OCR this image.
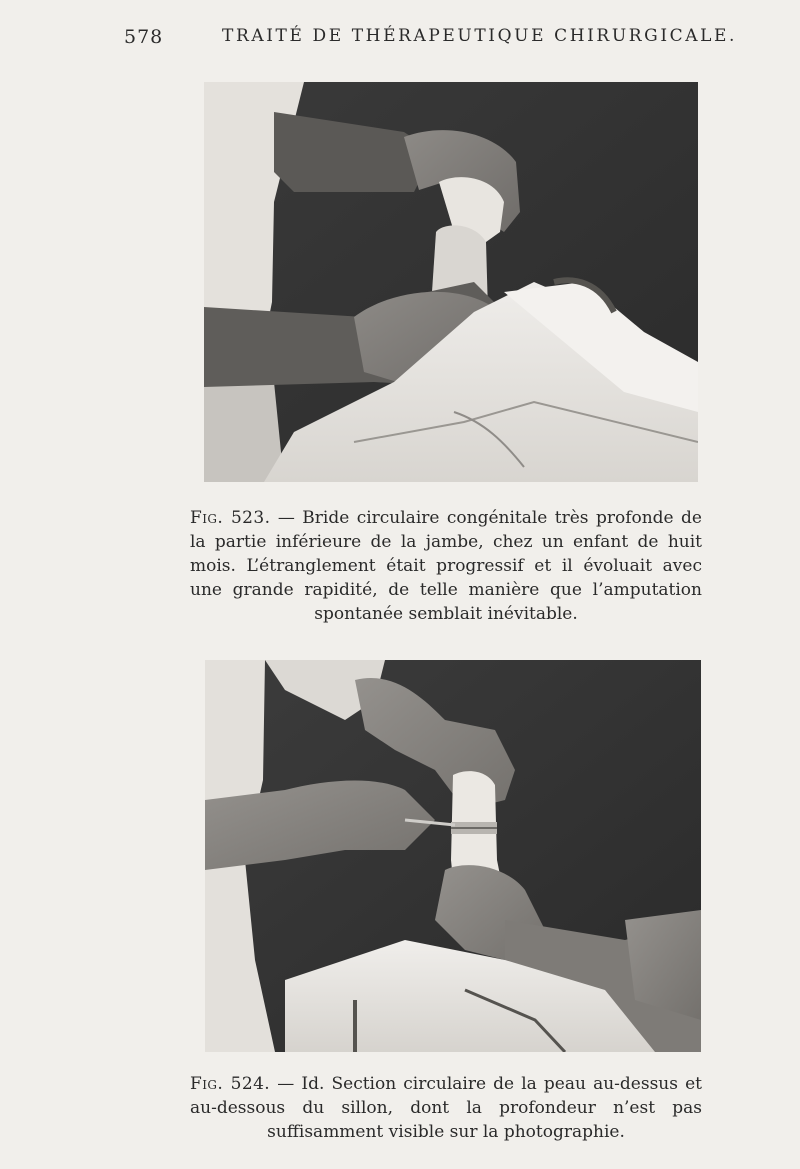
578	TRAITÉ DE THÉRAPEUTIQUE CHIRURGICALE.
Fig. 523. — Bride circulaire congénitale très profonde de la partie inférieure de la jambe, chez un enfant de huit mois. L’étranglement était progressif et il évoluait avec une grande rapidité, de telle manière que l’amputation spontanée semblait inévitable.
Fig. 524. — Id. Section circulaire de la peau au-dessus et au-dessous du sillon, dont la profondeur n’est pas suffisamment visible sur la photographie.
